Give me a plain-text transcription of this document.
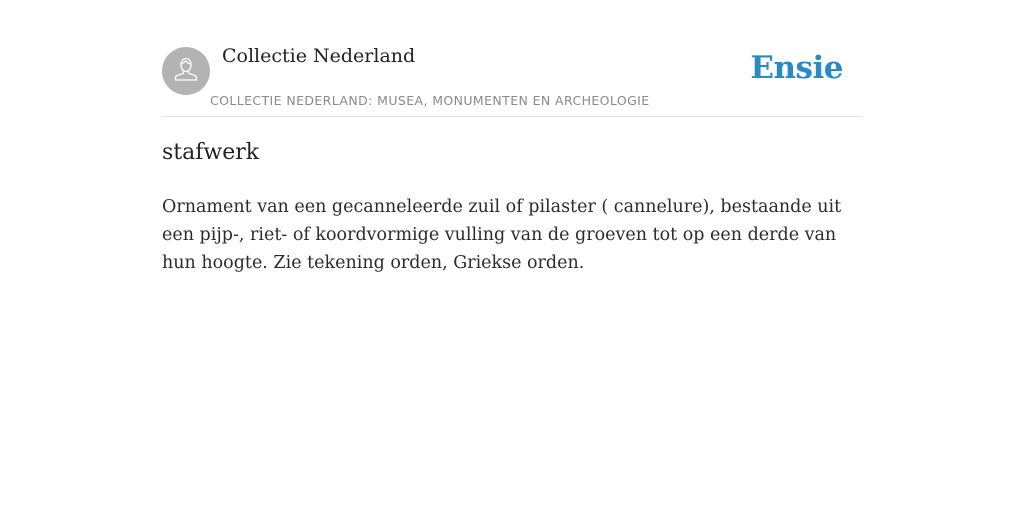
Collectie Nederland
COLLECTIE NEDERLAND: MUSEA, MONUMENTEN EN ARCHEOLOGIE
Ensie
stafwerk

Ornament van een gecanneleerde zuil of pilaster ( cannelure), bestaande uit een pijp-, riet- of koordvormige vulling van de groeven tot op een derde van hun hoogte. Zie tekening orden, Griekse orden.
